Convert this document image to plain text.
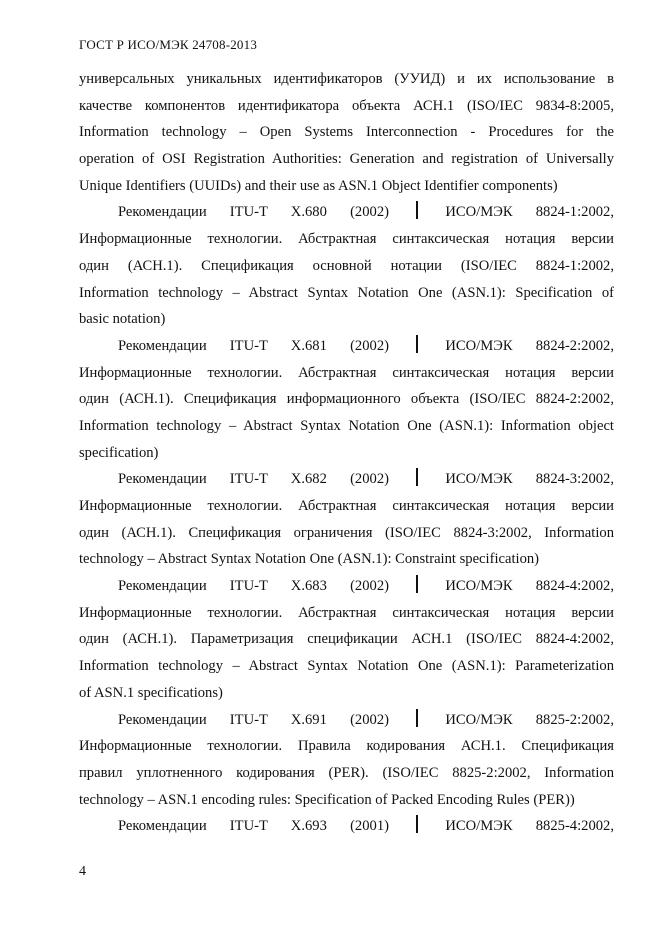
ГОСТ Р ИСО/МЭК 24708-2013
универсальных уникальных идентификаторов (УУИД) и их использование в
качестве компонентов идентификатора объекта АСН.1 (ISO/IEC 9834-8:2005,
Information technology – Open Systems Interconnection - Procedures for the
operation of OSI Registration Authorities: Generation and registration of Universally
Unique Identifiers (UUIDs) and their use as ASN.1 Object Identifier components)
Рекомендации ITU-T X.680 (2002)	ИСО/МЭК 8824-1:2002,
Информационные технологии. Абстрактная синтаксическая нотация версии
один (АСН.1). Спецификация основной нотации (ISO/IEC 8824-1:2002,
Information technology – Abstract Syntax Notation One (ASN.1): Specification of
basic notation)
Рекомендации ITU-T X.681 (2002)	ИСО/МЭК 8824-2:2002,
Информационные технологии. Абстрактная синтаксическая нотация версии
один (АСН.1). Спецификация информационного объекта (ISO/IEC 8824-2:2002,
Information technology – Abstract Syntax Notation One (ASN.1): Information object
specification)
Рекомендации ITU-T X.682 (2002)	ИСО/МЭК 8824-3:2002,
Информационные технологии. Абстрактная синтаксическая нотация версии
один (АСН.1). Спецификация ограничения (ISO/IEC 8824-3:2002, Information
technology – Abstract Syntax Notation One (ASN.1): Constraint specification)
Рекомендации ITU-T X.683 (2002)	ИСО/МЭК 8824-4:2002,
Информационные технологии. Абстрактная синтаксическая нотация версии
один (АСН.1). Параметризация спецификации АСН.1 (ISO/IEC 8824-4:2002,
Information technology – Abstract Syntax Notation One (ASN.1): Parameterization
of ASN.1 specifications)
Рекомендации ITU-T X.691 (2002)	ИСО/МЭК 8825-2:2002,
Информационные технологии. Правила кодирования АСН.1. Спецификация
правил уплотненного кодирования (PER). (ISO/IEC 8825-2:2002, Information
technology – ASN.1 encoding rules: Specification of Packed Encoding Rules (PER))
Рекомендации ITU-T X.693 (2001)	ИСО/МЭК 8825-4:2002,
4
